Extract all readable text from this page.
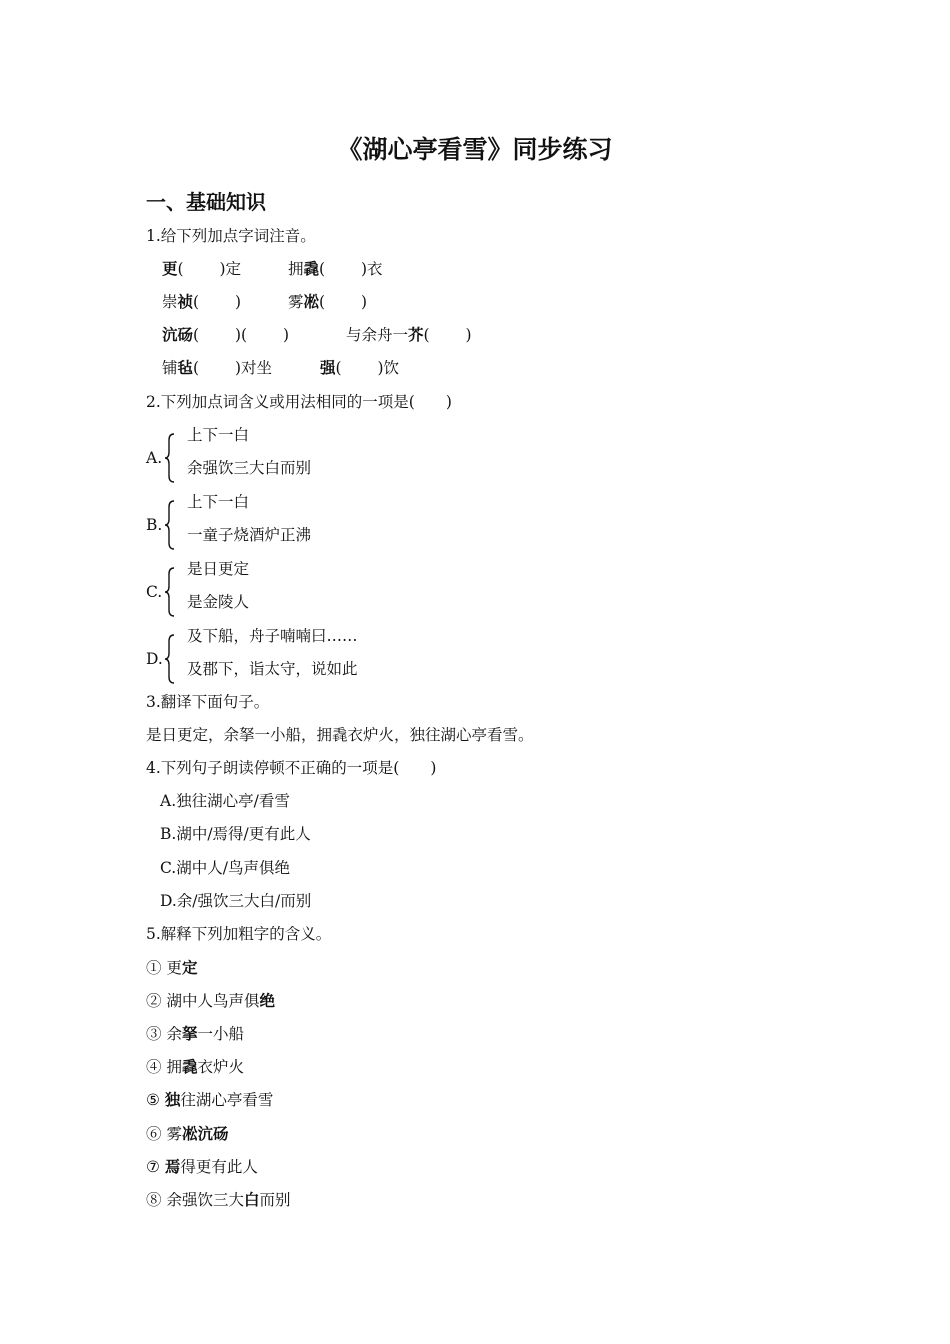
《湖心亭看雪》同步练习
一、基础知识
1.给下列加点字词注音。
更(　　 )定	拥毳(　　 )衣
崇祯(　　 )	雾凇(　　 )
沆砀(　　 )(　　 )	与余舟一芥(　　 )
铺毡(　　 )对坐	强(　　 )饮
2.下列加点词含义或用法相同的一项是(　　)
A.
上下一白
余强饮三大白而别
B.
上下一白
一童子烧酒炉正沸
C.
是日更定
是金陵人
D.
及下船，舟子喃喃曰……
及郡下，诣太守，说如此
3.翻译下面句子。
是日更定，余拏一小船，拥毳衣炉火，独往湖心亭看雪。
4.下列句子朗读停顿不正确的一项是(　　)
A.独往湖心亭/看雪
B.湖中/焉得/更有此人
C.湖中人/鸟声俱绝
D.余/强饮三大白/而别
5.解释下列加粗字的含义。
① 更定
② 湖中人鸟声俱绝
③ 余拏一小船
④ 拥毳衣炉火
⑤ 独往湖心亭看雪
⑥ 雾凇沆砀
⑦ 焉得更有此人
⑧ 余强饮三大白而别
